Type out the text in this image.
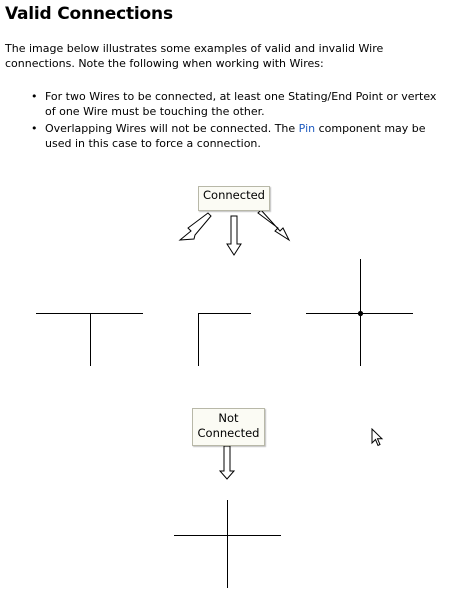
Valid Connections
The image below illustrates some examples of valid and invalid Wire connections. Note the following when working with Wires:
• For two Wires to be connected, at least one Stating/End Point or vertex of one Wire must be touching the other.
• Overlapping Wires will not be connected. The Pin component may be used in this case to force a connection.
Connected
Not
Connected
